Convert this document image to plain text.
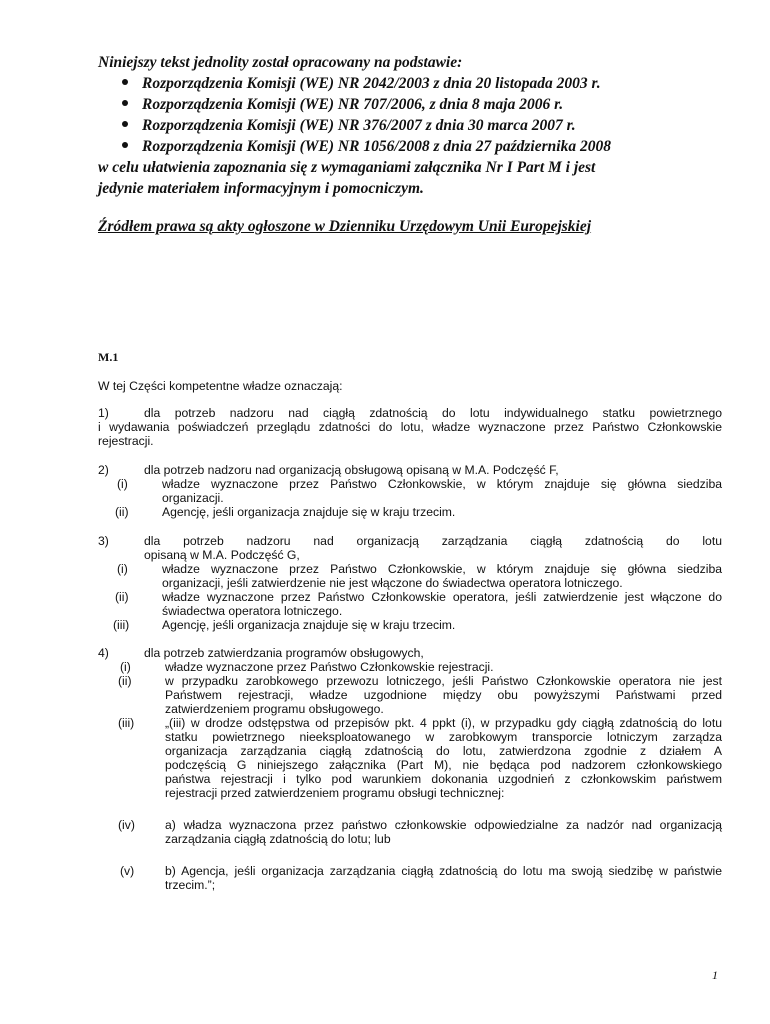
Niniejszy tekst jednolity został opracowany na podstawie:
Rozporządzenia Komisji (WE) NR 2042/2003 z dnia 20 listopada 2003 r.
Rozporządzenia Komisji (WE) NR 707/2006, z dnia 8 maja 2006 r.
Rozporządzenia Komisji (WE) NR 376/2007 z dnia 30 marca 2007 r.
Rozporządzenia Komisji (WE) NR 1056/2008 z dnia 27 października 2008
w celu ułatwienia zapoznania się z wymaganiami załącznika Nr I Part M i jest
jedynie materiałem informacyjnym i pomocniczym.
Źródłem prawa są akty ogłoszone w Dzienniku Urzędowym Unii Europejskiej
M.1
W tej Części kompetentne władze oznaczają:
1)	dla potrzeb nadzoru nad ciągłą zdatnością do lotu indywidualnego statku powietrznego
i wydawania poświadczeń przeglądu zdatności do lotu, władze wyznaczone przez Państwo Członkowskie
rejestracji.
2)	dla potrzeb nadzoru nad organizacją obsługową opisaną w M.A. Podczęść F,
(i)	władze wyznaczone przez Państwo Członkowskie, w którym znajduje się główna siedziba
organizacji.
(ii)	Agencję, jeśli organizacja znajduje się w kraju trzecim.
3)	dla potrzeb nadzoru nad organizacją zarządzania ciągłą zdatnością do lotu
opisaną w M.A. Podczęść G,
(i)	władze wyznaczone przez Państwo Członkowskie, w którym znajduje się główna siedziba
organizacji, jeśli zatwierdzenie nie jest włączone do świadectwa operatora lotniczego.
(ii)	władze wyznaczone przez Państwo Członkowskie operatora, jeśli zatwierdzenie jest włączone do
świadectwa operatora lotniczego.
(iii)	Agencję, jeśli organizacja znajduje się w kraju trzecim.
4)	dla potrzeb zatwierdzania programów obsługowych,
(i)	władze wyznaczone przez Państwo Członkowskie rejestracji.
(ii)	w przypadku zarobkowego przewozu lotniczego, jeśli Państwo Członkowskie operatora nie jest
Państwem rejestracji, władze uzgodnione między obu powyższymi Państwami przed
zatwierdzeniem programu obsługowego.
(iii)	„(iii) w drodze odstępstwa od przepisów pkt. 4 ppkt (i), w przypadku gdy ciągłą zdatnością do lotu
statku powietrznego nieeksploatowanego w zarobkowym transporcie lotniczym zarządza
organizacja zarządzania ciągłą zdatnością do lotu, zatwierdzona zgodnie z działem A
podczęścią G niniejszego załącznika (Part M), nie będąca pod nadzorem członkowskiego
państwa rejestracji i tylko pod warunkiem dokonania uzgodnień z członkowskim państwem
rejestracji przed zatwierdzeniem programu obsługi technicznej:
(iv) a) władza wyznaczona przez państwo członkowskie odpowiedzialne za nadzór nad organizacją
zarządzania ciągłą zdatnością do lotu; lub
(v)	b) Agencja, jeśli organizacja zarządzania ciągłą zdatnością do lotu ma swoją siedzibę w państwie
trzecim.”;
1
